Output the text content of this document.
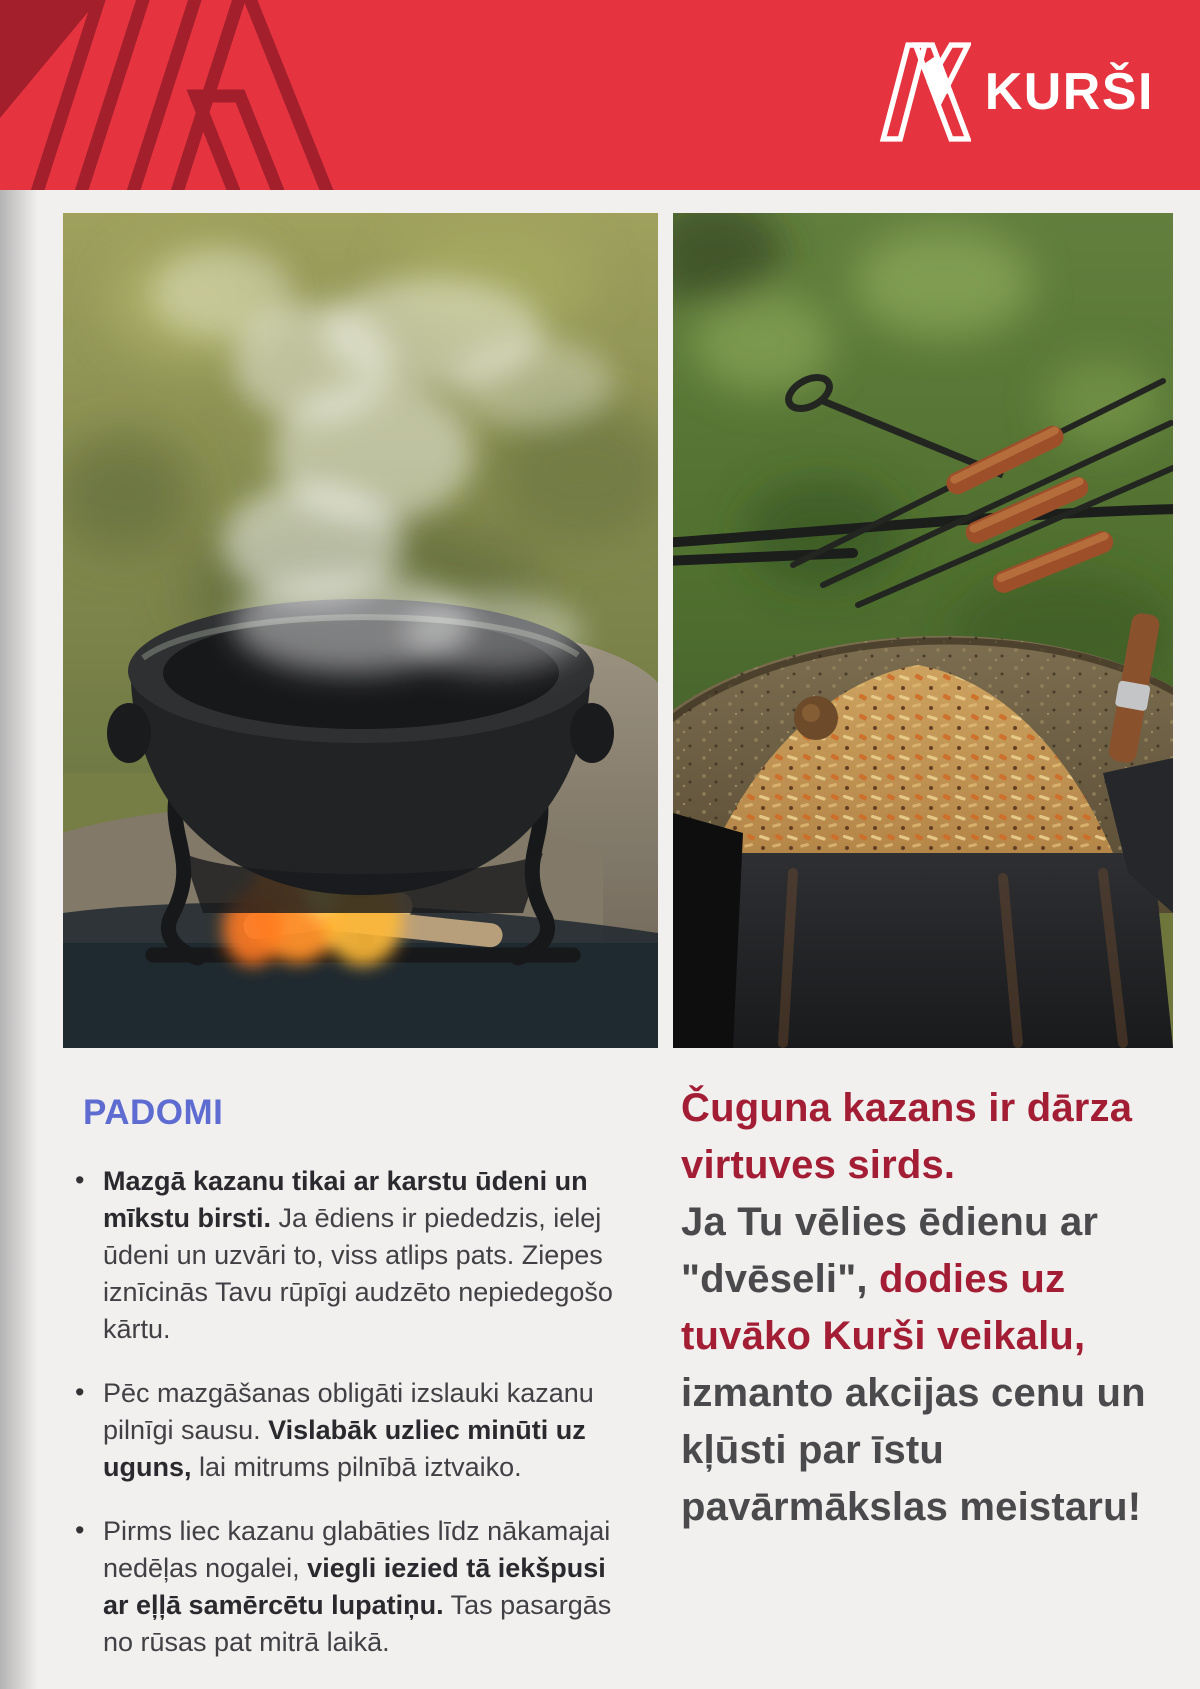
KURŠI
PADOMI
• Mazgā kazanu tikai ar karstu ūdeni un mīkstu birsti. Ja ēdiens ir piededzis, ielej ūdeni un uzvāri to, viss atlips pats. Ziepes iznīcinās Tavu rūpīgi audzēto nepiedegošo kārtu.
• Pēc mazgāšanas obligāti izslauki kazanu pilnīgi sausu. Vislabāk uzliec minūti uz uguns, lai mitrums pilnībā iztvaiko.
• Pirms liec kazanu glabāties līdz nākamajai nedēļas nogalei, viegli iezied tā iekšpusi ar eļļā samērcētu lupatiņu. Tas pasargās no rūsas pat mitrā laikā.

Čuguna kazans ir dārza virtuves sirds.
Ja Tu vēlies ēdienu ar "dvēseli", dodies uz tuvāko Kurši veikalu, izmanto akcijas cenu un kļūsti par īstu pavārmākslas meistaru!
